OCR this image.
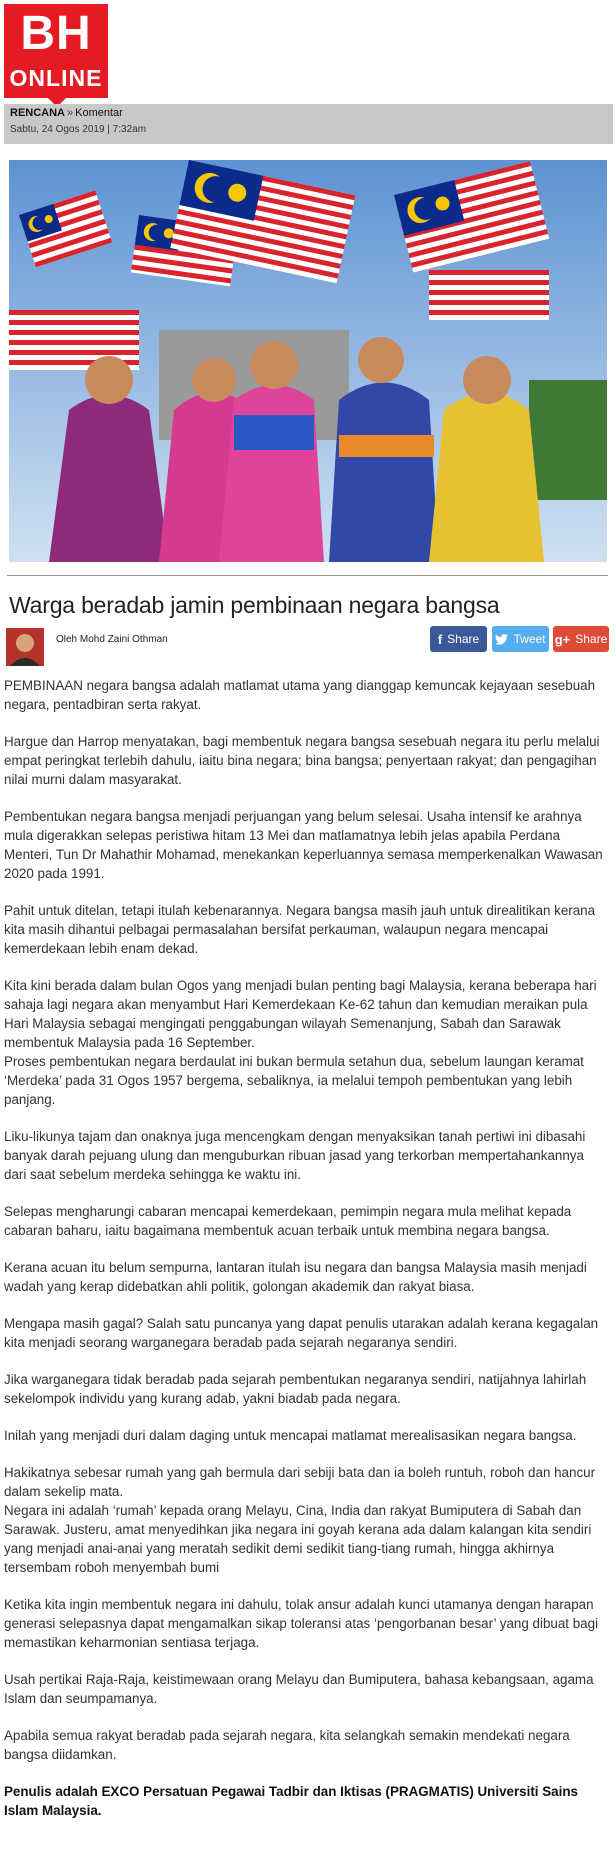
BH
ONLINE
RENCANA » Komentar
Sabtu, 24 Ogos 2019 | 7:32am
Warga beradab jamin pembinaan negara bangsa
Oleh Mohd Zaini Othman	f Share	Tweet g+ Share

PEMBINAAN negara bangsa adalah matlamat utama yang dianggap kemuncak kejayaan sesebuah negara, pentadbiran serta rakyat.

Hargue dan Harrop menyatakan, bagi membentuk negara bangsa sesebuah negara itu perlu melalui empat peringkat terlebih dahulu, iaitu bina negara; bina bangsa; penyertaan rakyat; dan pengagihan nilai murni dalam masyarakat.

Pembentukan negara bangsa menjadi perjuangan yang belum selesai. Usaha intensif ke arahnya mula digerakkan selepas peristiwa hitam 13 Mei dan matlamatnya lebih jelas apabila Perdana Menteri, Tun Dr Mahathir Mohamad, menekankan keperluannya semasa memperkenalkan Wawasan 2020 pada 1991.

Pahit untuk ditelan, tetapi itulah kebenarannya. Negara bangsa masih jauh untuk direalitikan kerana kita masih dihantui pelbagai permasalahan bersifat perkauman, walaupun negara mencapai kemerdekaan lebih enam dekad.

Kita kini berada dalam bulan Ogos yang menjadi bulan penting bagi Malaysia, kerana beberapa hari sahaja lagi negara akan menyambut Hari Kemerdekaan Ke-62 tahun dan kemudian meraikan pula Hari Malaysia sebagai mengingati penggabungan wilayah Semenanjung, Sabah dan Sarawak membentuk Malaysia pada 16 September.

Proses pembentukan negara berdaulat ini bukan bermula setahun dua, sebelum laungan keramat ‘Merdeka’ pada 31 Ogos 1957 bergema, sebaliknya, ia melalui tempoh pembentukan yang lebih panjang.

Liku-likunya tajam dan onaknya juga mencengkam dengan menyaksikan tanah pertiwi ini dibasahi banyak darah pejuang ulung dan menguburkan ribuan jasad yang terkorban mempertahankannya dari saat sebelum merdeka sehingga ke waktu ini.

Selepas mengharungi cabaran mencapai kemerdekaan, pemimpin negara mula melihat kepada cabaran baharu, iaitu bagaimana membentuk acuan terbaik untuk membina negara bangsa.

Kerana acuan itu belum sempurna, lantaran itulah isu negara dan bangsa Malaysia masih menjadi wadah yang kerap didebatkan ahli politik, golongan akademik dan rakyat biasa.

Mengapa masih gagal? Salah satu puncanya yang dapat penulis utarakan adalah kerana kegagalan kita menjadi seorang warganegara beradab pada sejarah negaranya sendiri.

Jika warganegara tidak beradab pada sejarah pembentukan negaranya sendiri, natijahnya lahirlah sekelompok individu yang kurang adab, yakni biadab pada negara.

Inilah yang menjadi duri dalam daging untuk mencapai matlamat merealisasikan negara bangsa.

Hakikatnya sebesar rumah yang gah bermula dari sebiji bata dan ia boleh runtuh, roboh dan hancur dalam sekelip mata.

Negara ini adalah ‘rumah’ kepada orang Melayu, Cina, India dan rakyat Bumiputera di Sabah dan Sarawak. Justeru, amat menyedihkan jika negara ini goyah kerana ada dalam kalangan kita sendiri yang menjadi anai-anai yang meratah sedikit demi sedikit tiang-tiang rumah, hingga akhirnya tersembam roboh menyembah bumi

Ketika kita ingin membentuk negara ini dahulu, tolak ansur adalah kunci utamanya dengan harapan generasi selepasnya dapat mengamalkan sikap toleransi atas ‘pengorbanan besar’ yang dibuat bagi memastikan keharmonian sentiasa terjaga.

Usah pertikai Raja-Raja, keistimewaan orang Melayu dan Bumiputera, bahasa kebangsaan, agama Islam dan seumpamanya.

Apabila semua rakyat beradab pada sejarah negara, kita selangkah semakin mendekati negara bangsa diidamkan.

Penulis adalah EXCO Persatuan Pegawai Tadbir dan Iktisas (PRAGMATIS) Universiti Sains Islam Malaysia.
